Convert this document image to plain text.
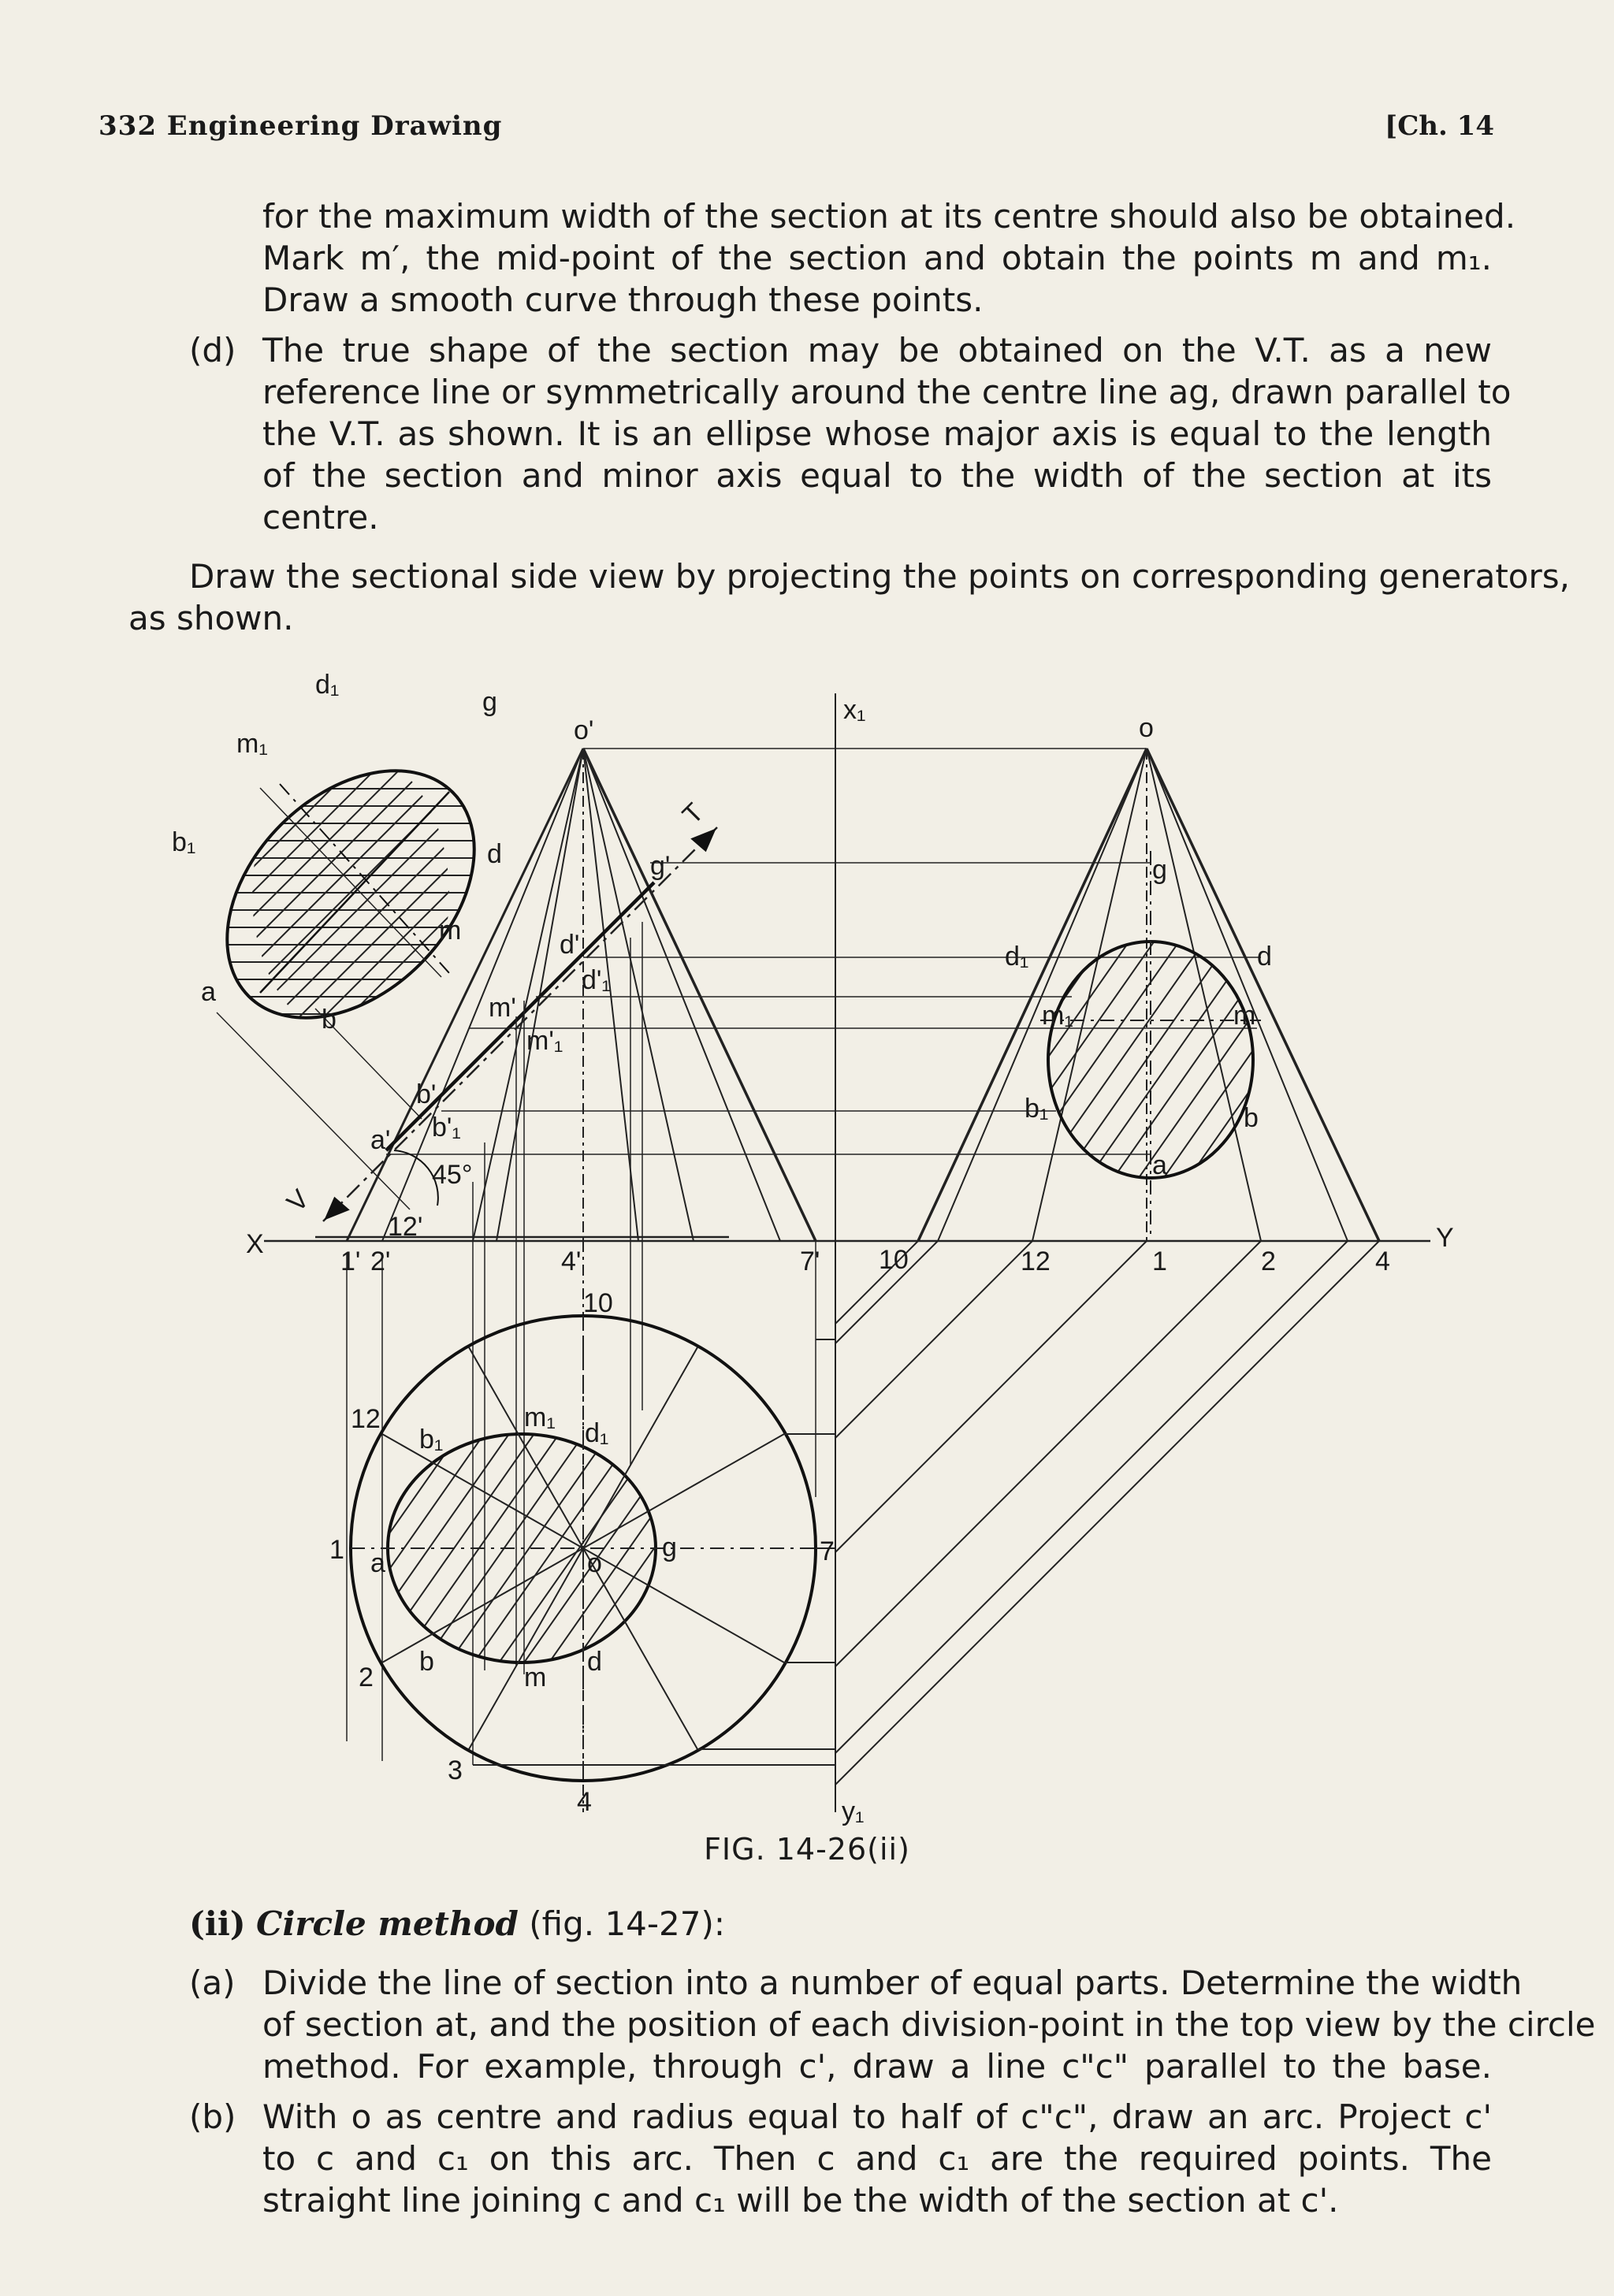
332 Engineering Drawing	[Ch. 14
for the maximum width of the section at its centre should also be obtained.
Mark m′, the mid-point of the section and obtain the points m and m₁.
Draw a smooth curve through these points.
(d) The true shape of the section may be obtained on the V.T. as a new
reference line or symmetrically around the centre line ag, drawn parallel to
the V.T. as shown. It is an ellipse whose major axis is equal to the length
of the section and minor axis equal to the width of the section at its
centre.
Draw the sectional side view by projecting the points on corresponding generators,
as shown.
d₁
g
m₁
b₁
a
b
d
m
o'
g'
d'
d'₁
m'
m'₁
b'
b'₁
a'
T
V
45°
X	Y
x₁
y₁
1' 2'
12'
4'	7'
o
g
d₁	d
m₁	m
b₁	b
a
10	12	1	2	4
10
12
1
2
3
4
7
b₁
m₁
d₁
a	o
g
b
m
d
FIG. 14-26(ii)
(ii) Circle method (fig. 14-27):
(a) Divide the line of section into a number of equal parts. Determine the width
of section at, and the position of each division-point in the top view by the circle
method. For example, through c', draw a line c"c" parallel to the base.
(b) With o as centre and radius equal to half of c"c", draw an arc. Project c'
to c and c₁ on this arc. Then c and c₁ are the required points. The
straight line joining c and c₁ will be the width of the section at c'.
